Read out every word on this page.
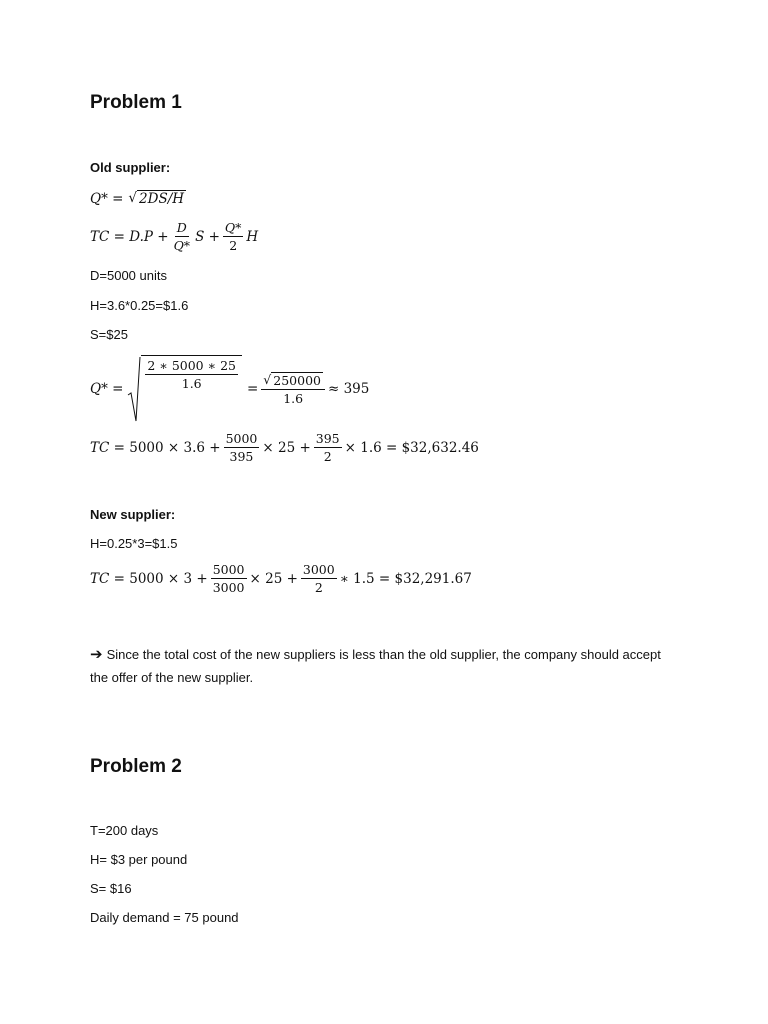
Problem 1
Old supplier:
Q* = √ 2DS/H
TC = $D.P + \frac{D}{Q*}$ $S + \frac{Q*}{2}$ H
D=5000 units
H=3.6*0.25=$1.6
S=$25
$Q* = \frac{2 ∗ 5000 ∗ 25}{1.6} = \frac{√ 250000}{1.6} \approx 395$
TC = $5000 \times 3.6 + \frac{5000}{395} \times 25 + \frac{395}{2} \times 1.6$ = $32,632.46
New supplier:
H=0.25*3=$1.5
TC = $5000 \times 3 + \frac{5000}{3000} \times 25 + \frac{3000}{2}$ ∗ 1.5 = $32,291.67
➔ Since the total cost of the new suppliers is less than the old supplier, the company should accept the offer of the new supplier.
Problem 2
T=200 days
H= $3 per pound
S= $16
Daily demand = 75 pound
